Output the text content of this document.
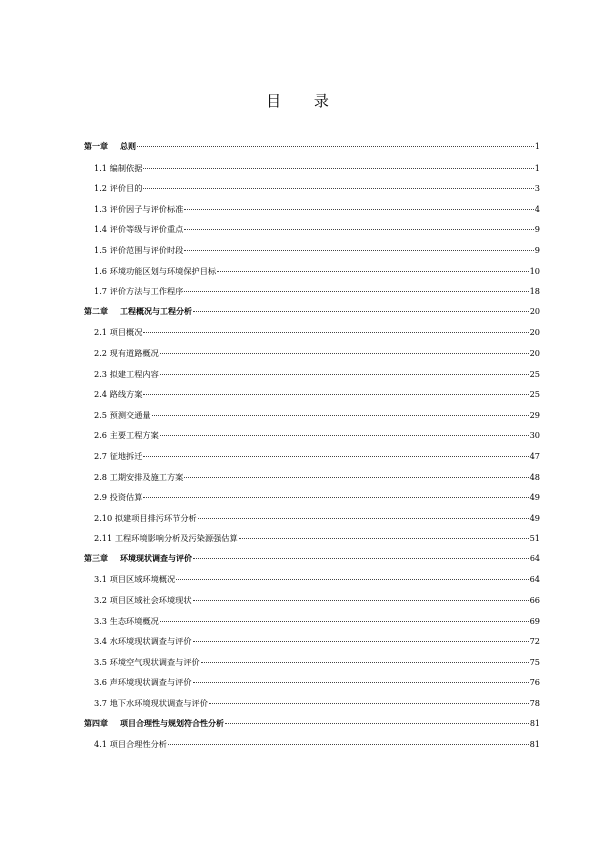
目 录
第一章 总则	1
1.1 编制依据	1
1.2 评价目的	3
1.3 评价因子与评价标准	4
1.4 评价等级与评价重点	9
1.5 评价范围与评价时段	9
1.6 环境功能区划与环境保护目标	10
1.7 评价方法与工作程序	18
第二章 工程概况与工程分析	20
2.1 项目概况	20
2.2 现有道路概况	20
2.3 拟建工程内容	25
2.4 路线方案	25
2.5 预测交通量	29
2.6 主要工程方案	30
2.7 征地拆迁	47
2.8 工期安排及施工方案	48
2.9 投资估算	49
2.10 拟建项目排污环节分析	49
2.11 工程环境影响分析及污染源强估算	51
第三章 环境现状调查与评价	64
3.1 项目区域环境概况	64
3.2 项目区域社会环境现状	66
3.3 生态环境概况	69
3.4 水环境现状调查与评价	72
3.5 环境空气现状调查与评价	75
3.6 声环境现状调查与评价	76
3.7 地下水环境现状调查与评价	78
第四章 项目合理性与规划符合性分析	81
4.1 项目合理性分析	81
